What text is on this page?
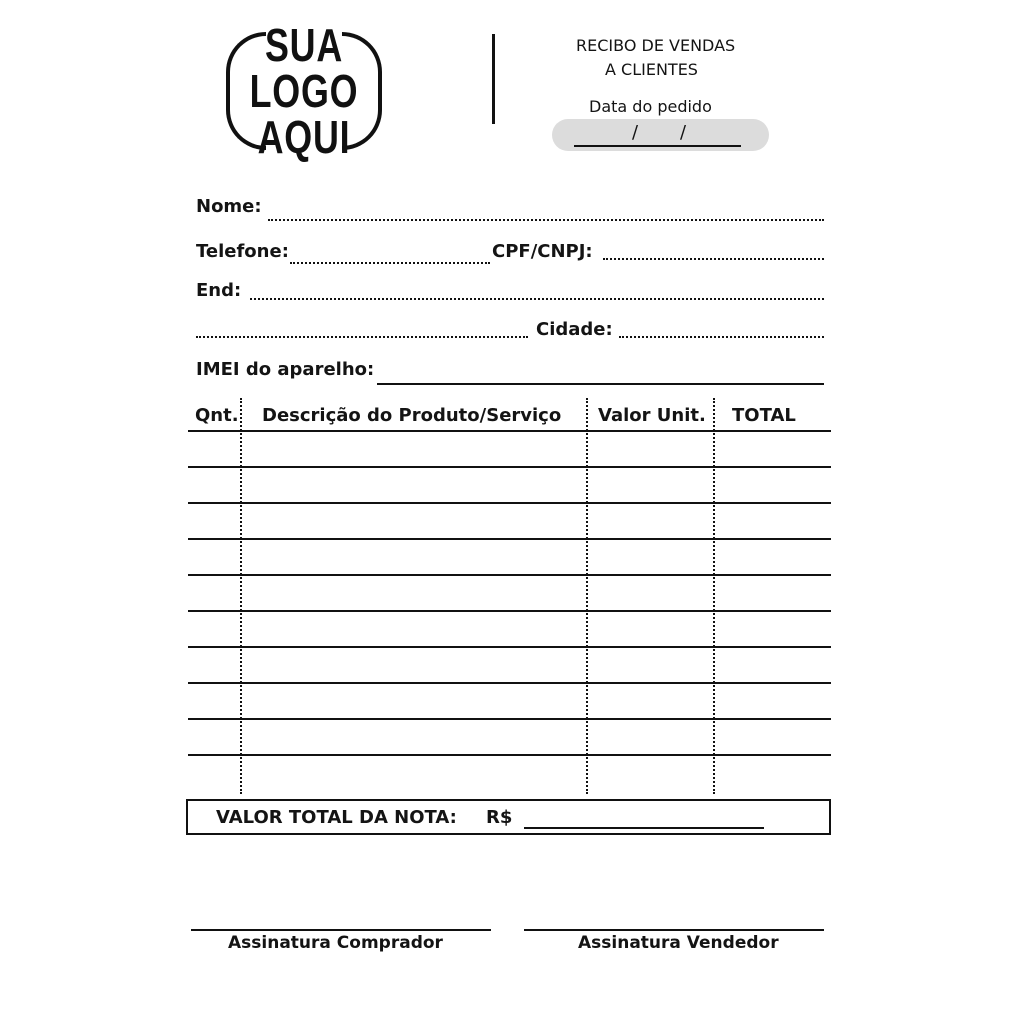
SUA
LOGO
AQUI
RECIBO DE VENDAS
A CLIENTES
Data do pedido
/ /
Nome:
Telefone:	CPF/CNPJ:
End:
Cidade:
IMEI do aparelho:
Qnt. Descrição do Produto/Serviço Valor Unit. TOTAL
VALOR TOTAL DA NOTA: R$
Assinatura Comprador	Assinatura Vendedor
